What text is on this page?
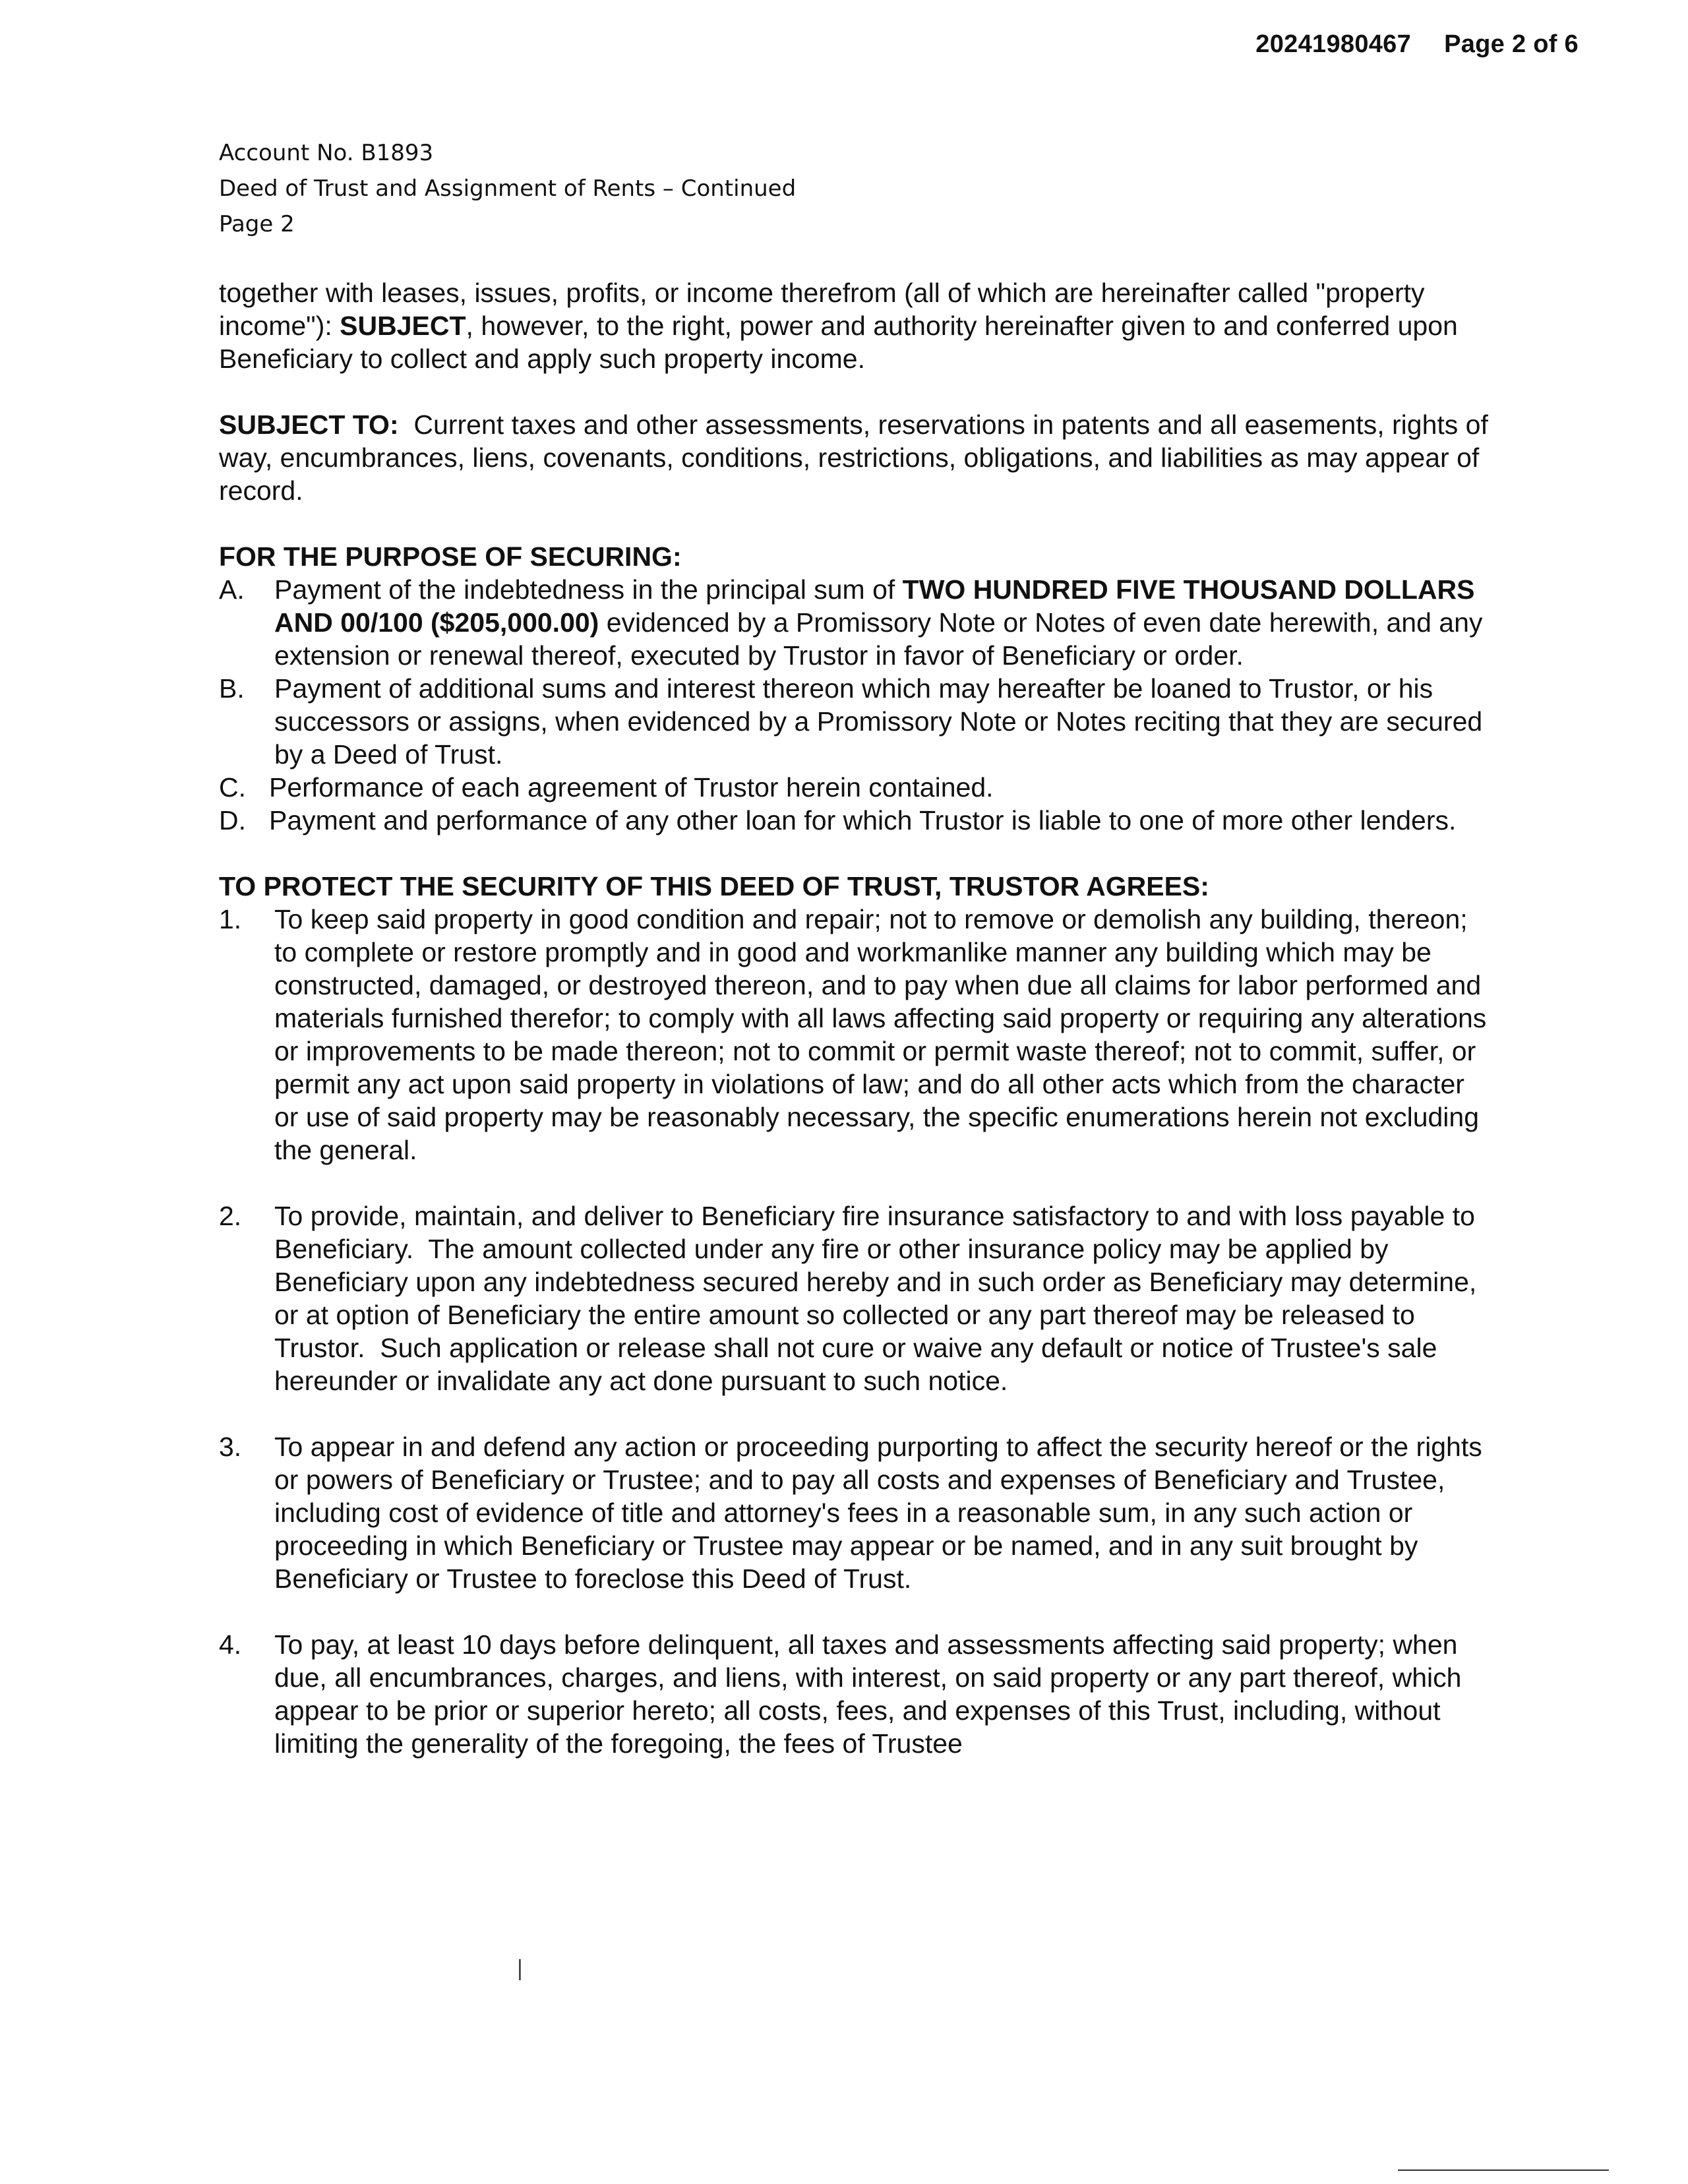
20241980467 Page 2 of 6
Account No. B1893
Deed of Trust and Assignment of Rents – Continued
Page 2

together with leases, issues, profits, or income therefrom (all of which are hereinafter called "property income"): SUBJECT, however, to the right, power and authority hereinafter given to and conferred upon Beneficiary to collect and apply such property income.

SUBJECT TO:  Current taxes and other assessments, reservations in patents and all easements, rights of way, encumbrances, liens, covenants, conditions, restrictions, obligations, and liabilities as may appear of record.

FOR THE PURPOSE OF SECURING:

A.	Payment of the indebtedness in the principal sum of TWO HUNDRED FIVE THOUSAND DOLLARS AND 00/100 ($205,000.00) evidenced by a Promissory Note or Notes of even date herewith, and any extension or renewal thereof, executed by Trustor in favor of Beneficiary or order.
B.	Payment of additional sums and interest thereon which may hereafter be loaned to Trustor, or his successors or assigns, when evidenced by a Promissory Note or Notes reciting that they are secured by a Deed of Trust.
C. Performance of each agreement of Trustor herein contained.
D. Payment and performance of any other loan for which Trustor is liable to one of more other lenders.

TO PROTECT THE SECURITY OF THIS DEED OF TRUST, TRUSTOR AGREES:

1.	To keep said property in good condition and repair; not to remove or demolish any building, thereon; to complete or restore promptly and in good and workmanlike manner any building which may be constructed, damaged, or destroyed thereon, and to pay when due all claims for labor performed and materials furnished therefor; to comply with all laws affecting said property or requiring any alterations or improvements to be made thereon; not to commit or permit waste thereof; not to commit, suffer, or permit any act upon said property in violations of law; and do all other acts which from the character or use of said property may be reasonably necessary, the specific enumerations herein not excluding the general.
2.	To provide, maintain, and deliver to Beneficiary fire insurance satisfactory to and with loss payable to Beneficiary.  The amount collected under any fire or other insurance policy may be applied by Beneficiary upon any indebtedness secured hereby and in such order as Beneficiary may determine, or at option of Beneficiary the entire amount so collected or any part thereof may be released to Trustor.  Such application or release shall not cure or waive any default or notice of Trustee's sale hereunder or invalidate any act done pursuant to such notice.
3.	To appear in and defend any action or proceeding purporting to affect the security hereof or the rights or powers of Beneficiary or Trustee; and to pay all costs and expenses of Beneficiary and Trustee, including cost of evidence of title and attorney's fees in a reasonable sum, in any such action or proceeding in which Beneficiary or Trustee may appear or be named, and in any suit brought by Beneficiary or Trustee to foreclose this Deed of Trust.
4.	To pay, at least 10 days before delinquent, all taxes and assessments affecting said property; when due, all encumbrances, charges, and liens, with interest, on said property or any part thereof, which appear to be prior or superior hereto; all costs, fees, and expenses of this Trust, including, without limiting the generality of the foregoing, the fees of Trustee
|
